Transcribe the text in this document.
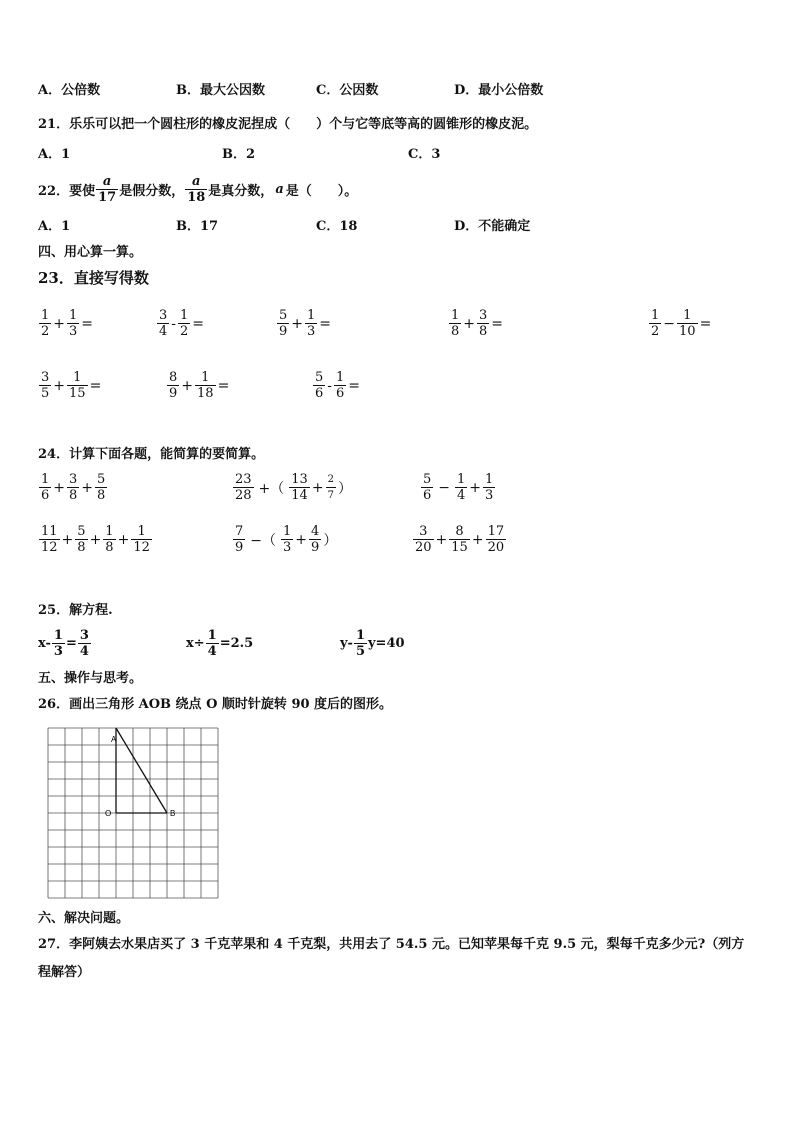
A．公倍数	B．最大公因数	C．公因数	D．最小公倍数
21．乐乐可以把一个圆柱形的橡皮泥捏成（　　）个与它等底等高的圆锥形的橡皮泥。
A．1	B．2	C．3
22．要使 $\frac{a}{17}$ 是假分数， $\frac{a}{18}$ 是真分数， a 是（　　）。
A．1	B．17	C．18	D．不能确定
四、用心算一算。
23．直接写得数
$\frac{1}{2} + \frac{1}{3}$ =	$\frac{3}{4} - \frac{1}{2}$ =	$\frac{5}{9} + \frac{1}{3}$ =	$\frac{1}{8} + \frac{3}{8}$ =	$\frac{1}{2} - \frac{1}{10}$ =
$\frac{3}{5} + \frac{1}{15}$ =	$\frac{8}{9} + \frac{1}{18}$ =	$\frac{5}{6} - \frac{1}{6}$ =
24．计算下面各题，能简算的要简算。
$\frac{1}{6} + \frac{3}{8} + \frac{5}{8}$	$\frac{23}{28}$ +（ $\frac{13}{14} + \frac{2}{7}$ ）	$\frac{5}{6} - \frac{1}{4} + \frac{1}{3}$
$\frac{11}{12} + \frac{5}{8} + \frac{1}{8} + \frac{1}{12}$	$\frac{7}{9}$ −（ $\frac{1}{3} + \frac{4}{9}$ ）	$\frac{3}{20} + \frac{8}{15} + \frac{17}{20}$
25．解方程.
$x- \frac{1}{3} = \frac{3}{4}$	$x\div \frac{1}{4} =2.5$	$y- \frac{1}{5} y=40$
五、操作与思考。
26．画出三角形 AOB 绕点 O 顺时针旋转 90 度后的图形。
A
O	B
六、解决问题。
27．李阿姨去水果店买了 3 千克苹果和 4 千克梨，共用去了 54.5 元。已知苹果每千克 9.5 元，梨每千克多少元?（列方
程解答）
